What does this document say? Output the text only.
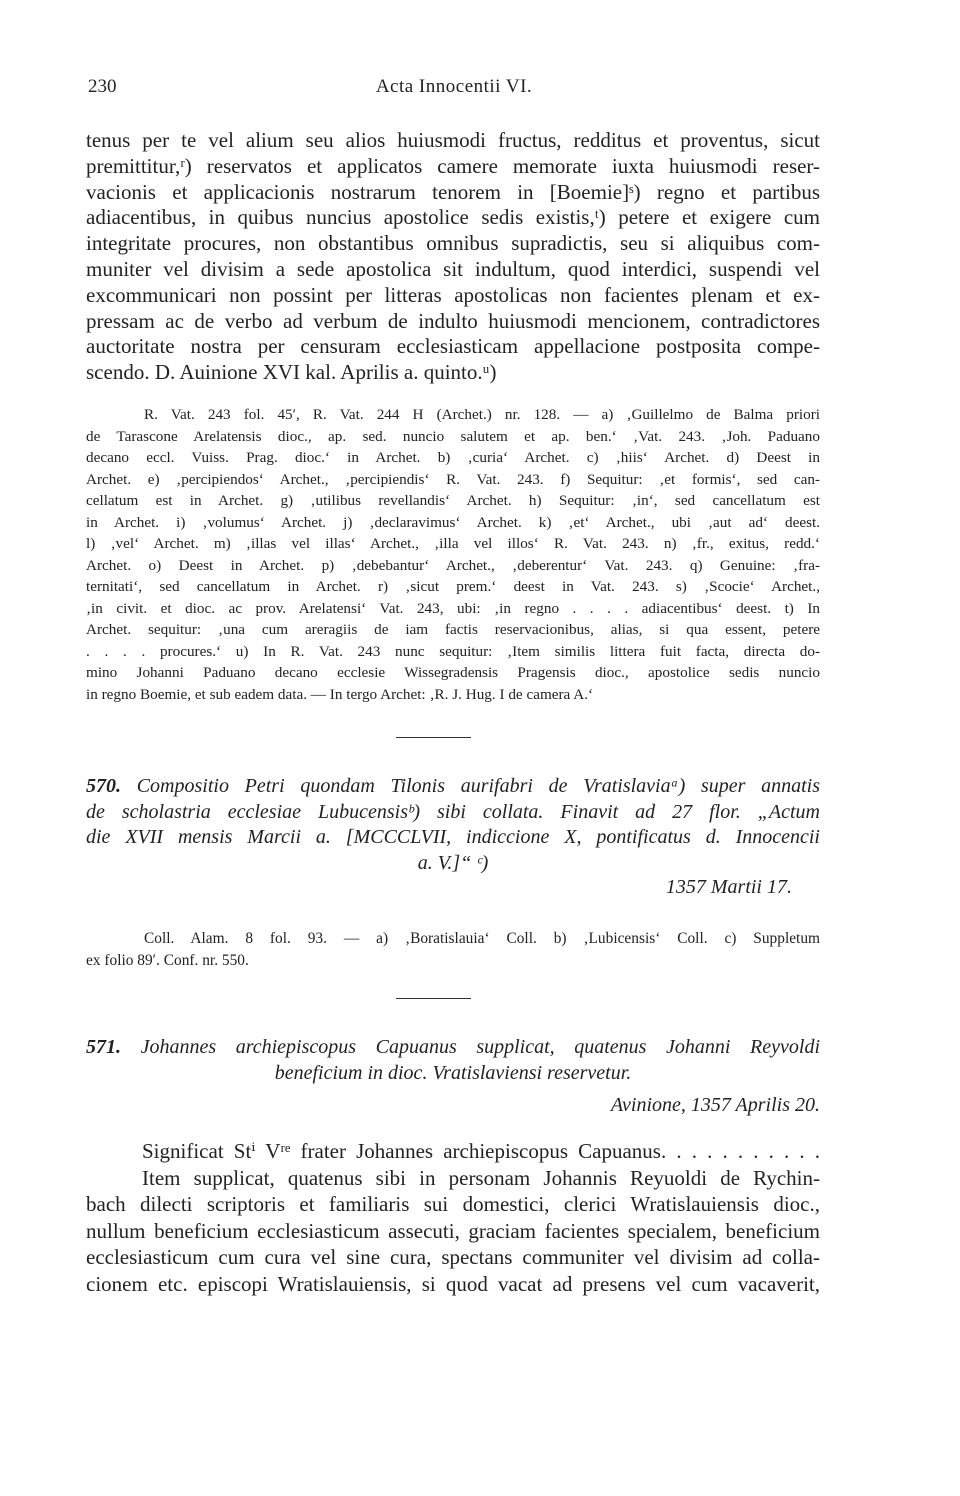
230	Acta Innocentii VI.
tenus per te vel alium seu alios huiusmodi fructus, redditus et proventus, sicut
premittitur,ʳ) reservatos et applicatos camere memorate iuxta huiusmodi reser-
vacionis et applicacionis nostrarum tenorem in [Boemie]ˢ) regno et partibus
adiacentibus, in quibus nuncius apostolice sedis existis,ᵗ) petere et exigere cum
integritate procures, non obstantibus omnibus supradictis, seu si aliquibus com-
muniter vel divisim a sede apostolica sit indultum, quod interdici, suspendi vel
excommunicari non possint per litteras apostolicas non facientes plenam et ex-
pressam ac de verbo ad verbum de indulto huiusmodi mencionem, contradictores
auctoritate nostra per censuram ecclesiasticam appellacione postposita compe-
scendo. D. Auinione XVI kal. Aprilis a. quinto.ᵘ)
R. Vat. 243 fol. 45′, R. Vat. 244 H (Archet.) nr. 128. — a) ‚Guillelmo de Balma priori
de Tarascone Arelatensis dioc., ap. sed. nuncio salutem et ap. ben.‘ ‚Vat. 243. ‚Joh. Paduano
decano eccl. Vuiss. Prag. dioc.‘ in Archet. b) ‚curia‘ Archet. c) ‚hiis‘ Archet. d) Deest in
Archet. e) ‚percipiendos‘ Archet., ‚percipiendis‘ R. Vat. 243. f) Sequitur: ‚et formis‘, sed can-
cellatum est in Archet. g) ‚utilibus revellandis‘ Archet. h) Sequitur: ‚in‘, sed cancellatum est
in Archet. i) ‚volumus‘ Archet. j) ‚declaravimus‘ Archet. k) ‚et‘ Archet., ubi ‚aut ad‘ deest.
l) ‚vel‘ Archet. m) ‚illas vel illas‘ Archet., ‚illa vel illos‘ R. Vat. 243. n) ‚fr., exitus, redd.‘
Archet. o) Deest in Archet. p) ‚debebantur‘ Archet., ‚deberentur‘ Vat. 243. q) Genuine: ‚fra-
ternitati‘, sed cancellatum in Archet. r) ‚sicut prem.‘ deest in Vat. 243. s) ‚Scocie‘ Archet.,
‚in civit. et dioc. ac prov. Arelatensi‘ Vat. 243, ubi: ‚in regno . . . . adiacentibus‘ deest. t) In
Archet. sequitur: ‚una cum areragiis de iam factis reservacionibus, alias, si qua essent, petere
. . . . procures.‘ u) In R. Vat. 243 nunc sequitur: ‚Item similis littera fuit facta, directa do-
mino Johanni Paduano decano ecclesie Wissegradensis Pragensis dioc., apostolice sedis nuncio
in regno Boemie, et sub eadem data. — In tergo Archet: ‚R. J. Hug. I de camera A.‘
570. Compositio Petri quondam Tilonis aurifabri de Vratislaviaᵃ) super annatis
de scholastria ecclesiae Lubucensisᵇ) sibi collata. Finavit ad 27 flor. „Actum
die XVII mensis Marcii a. [MCCCLVII, indiccione X, pontificatus d. Innocencii
a. V.]“ ᶜ)
1357 Martii 17.
Coll. Alam. 8 fol. 93. — a) ‚Boratislauia‘ Coll. b) ‚Lubicensis‘ Coll. c) Suppletum
ex folio 89′. Conf. nr. 550.
571. Johannes archiepiscopus Capuanus supplicat, quatenus Johanni Reyvoldi
beneficium in dioc. Vratislaviensi reservetur.
Avinione, 1357 Aprilis 20.
Significat Stⁱ Vʳᵉ frater Johannes archiepiscopus Capuanus. . . . . . . . . . .
Item supplicat, quatenus sibi in personam Johannis Reyuoldi de Rychin-
bach dilecti scriptoris et familiaris sui domestici, clerici Wratislauiensis dioc.,
nullum beneficium ecclesiasticum assecuti, graciam facientes specialem, beneficium
ecclesiasticum cum cura vel sine cura, spectans communiter vel divisim ad colla-
cionem etc. episcopi Wratislauiensis, si quod vacat ad presens vel cum vacaverit,
